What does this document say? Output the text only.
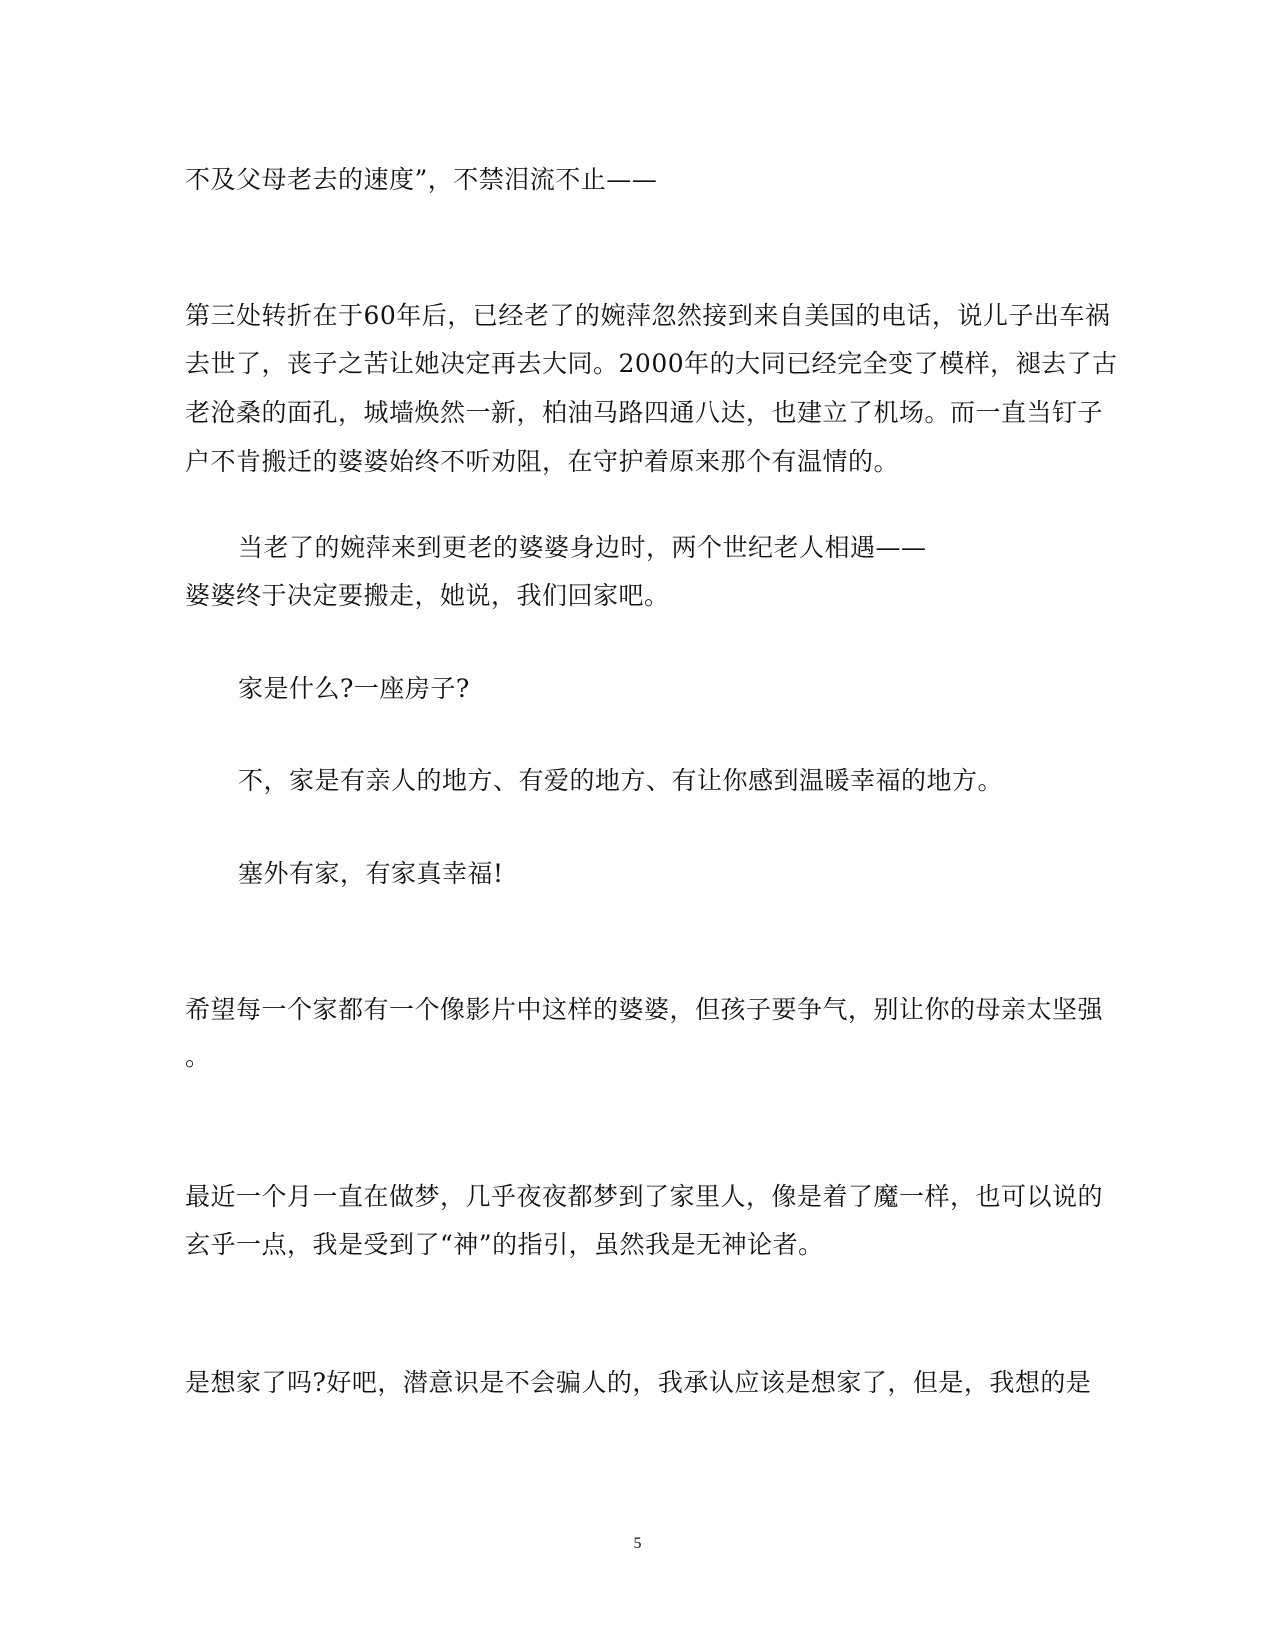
不及父母老去的速度”，不禁泪流不止——
第三处转折在于60年后，已经老了的婉萍忽然接到来自美国的电话，说儿子出车祸
去世了，丧子之苦让她决定再去大同。2000年的大同已经完全变了模样，褪去了古
老沧桑的面孔，城墙焕然一新，柏油马路四通八达，也建立了机场。而一直当钉子
户不肯搬迁的婆婆始终不听劝阻，在守护着原来那个有温情的。
当老了的婉萍来到更老的婆婆身边时，两个世纪老人相遇——
婆婆终于决定要搬走，她说，我们回家吧。
家是什么?一座房子?
不，家是有亲人的地方、有爱的地方、有让你感到温暖幸福的地方。
塞外有家，有家真幸福!
希望每一个家都有一个像影片中这样的婆婆，但孩子要争气，别让你的母亲太坚强
。
最近一个月一直在做梦，几乎夜夜都梦到了家里人，像是着了魔一样，也可以说的
玄乎一点，我是受到了“神”的指引，虽然我是无神论者。
是想家了吗?好吧，潜意识是不会骗人的，我承认应该是想家了，但是，我想的是
5
